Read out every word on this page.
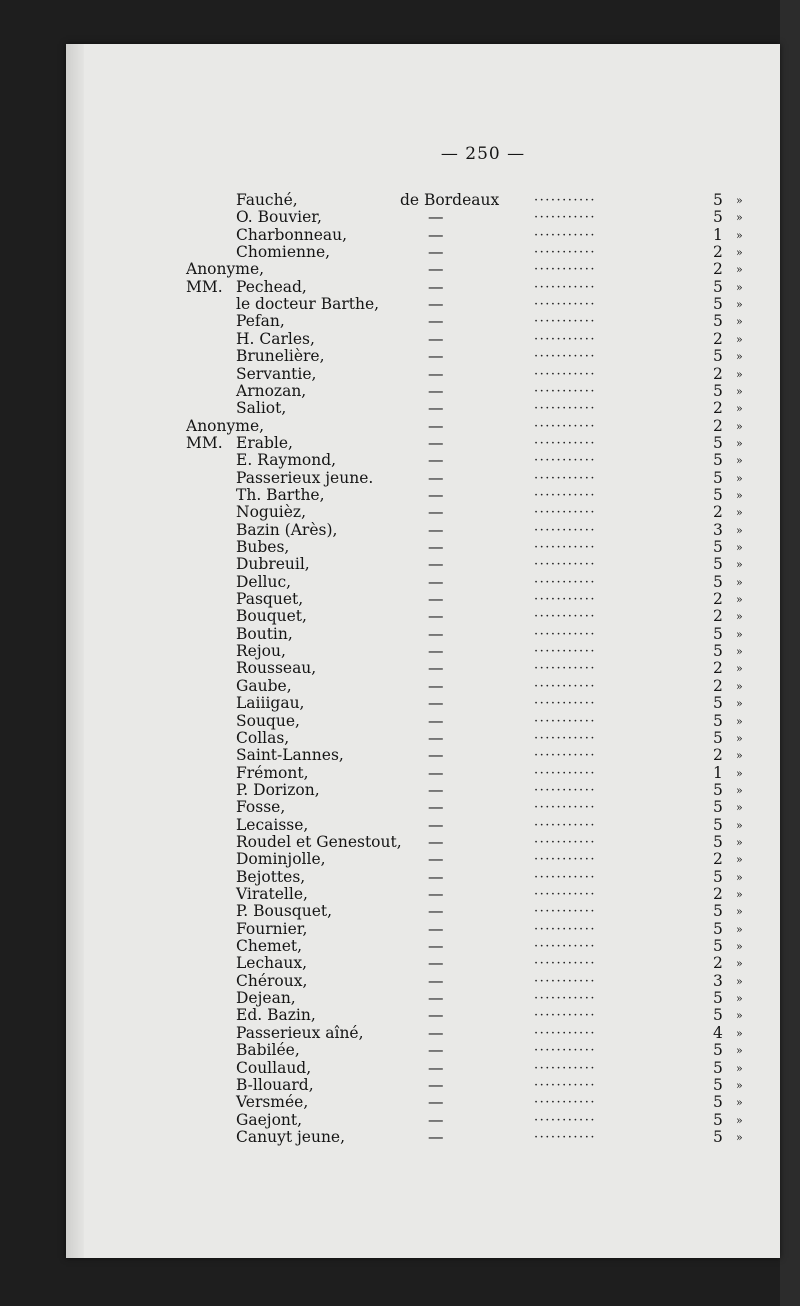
— 250 —
Fauché,	de Bordeaux	···········	5 »
O. Bouvier,	—	···········	5 »
Charbonneau,	—	···········	1 »
Chomienne,	—	···········	2 »
Anonyme,	—	···········	2 »
MM. Pechead,	—	···········	5 »
le docteur Barthe,	—	···········	5 »
Pefan,	—	···········	5 »
H. Carles,	—	···········	2 »
Brunelière,	—	···········	5 »
Servantie,	—	···········	2 »
Arnozan,	—	···········	5 »
Saliot,	—	···········	2 »
Anonyme,	—	···········	2 »
MM. Erable,	—	···········	5 »
E. Raymond,	—	···········	5 »
Passerieux jeune.	—	···········	5 »
Th. Barthe,	—	···········	5 »
Noguièz,	—	···········	2 »
Bazin (Arès),	—	···········	3 »
Bubes,	—	···········	5 »
Dubreuil,	—	···········	5 »
Delluc,	—	···········	5 »
Pasquet,	—	···········	2 »
Bouquet,	—	···········	2 »
Boutin,	—	···········	5 »
Rejou,	—	···········	5 »
Rousseau,	—	···········	2 »
Gaube,	—	···········	2 »
Laiiigau,	—	···········	5 »
Souque,	—	···········	5 »
Collas,	—	···········	5 »
Saint-Lannes,	—	···········	2 »
Frémont,	—	···········	1 »
P. Dorizon,	—	···········	5 »
Fosse,	—	···········	5 »
Lecaisse,	—	···········	5 »
Roudel et Genestout, —	···········	5 »
Dominjolle,	—	···········	2 »
Bejottes,	—	···········	5 »
Viratelle,	—	···········	2 »
P. Bousquet,	—	···········	5 »
Fournier,	—	···········	5 »
Chemet,	—	···········	5 »
Lechaux,	—	···········	2 »
Chéroux,	—	···········	3 »
Dejean,	—	···········	5 »
Ed. Bazin,	—	···········	5 »
Passerieux aîné,	—	···········	4 »
Babilée,	—	···········	5 »
Coullaud,	—	···········	5 »
B-llouard,	—	···········	5 »
Versmée,	—	···········	5 »
Gaejont,	—	···········	5 »
Canuyt jeune,	—	···········	5 »
